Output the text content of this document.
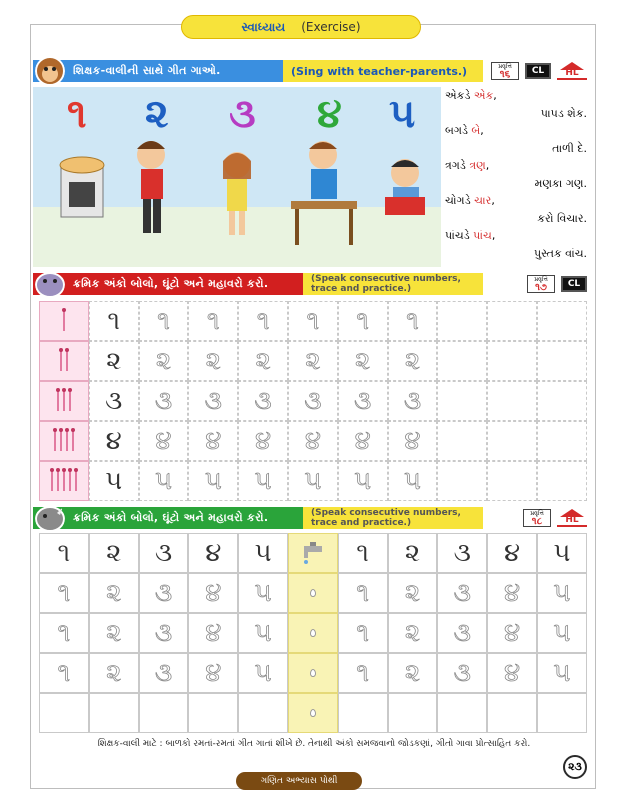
સ્વાધ્યાય (Exercise)
શિક્ષક-વાલીની સાથે ગીત ગાઓ.	(Sing with teacher-parents.)	પ્રવૃત્તિ
૧૬	CL	HL
૧ ૨ ૩ ૪ ૫	એકડે એક,
પાપડ શેક.
બગડે બે,
તાળી દે.
ત્રગડે ત્રણ,
મણકા ગણ.
ચોગડે ચાર,
કરો વિચાર.
પાંચડે પાંચ,
પુસ્તક વાંચ.
ક્રમિક અંકો બોલો, ઘૂંટો અને મહાવરો કરો.	(Speak consecutive numbers, trace and practice.)
પ્રવૃત્તિ
૧૭	CL
૧	૧	૧	૧	૧	૧	૧
૨	૨	૨	૨	૨	૨	૨
૩	૩	૩	૩	૩	૩	૩
૪	૪	૪	૪	૪	૪	૪
૫	૫	૫	૫	૫	૫	૫
ક્રમિક અંકો બોલો, ઘૂંટો અને મહાવરો કરો.	(Speak consecutive numbers, trace and practice.)
પ્રવૃત્તિ
૧૮	HL
૧	૨	૩	૪	૫	૧	૨	૩	૪	૫
૧	૨	૩	૪	૫	૧	૨	૩	૪	૫
૧	૨	૩	૪	૫	૧	૨	૩	૪	૫
૧	૨	૩	૪	૫	૧	૨	૩	૪	૫
શિક્ષક-વાલી માટે : બાળકો રમતાં-રમતાં ગીત ગાતાં શીખે છે. તેનાથી અંકો સમજવાનો જોડકણાં, ગીતો ગાવા પ્રોત્સાહિત કરો.
૨૩
ગણિત અભ્યાસ પોથી
